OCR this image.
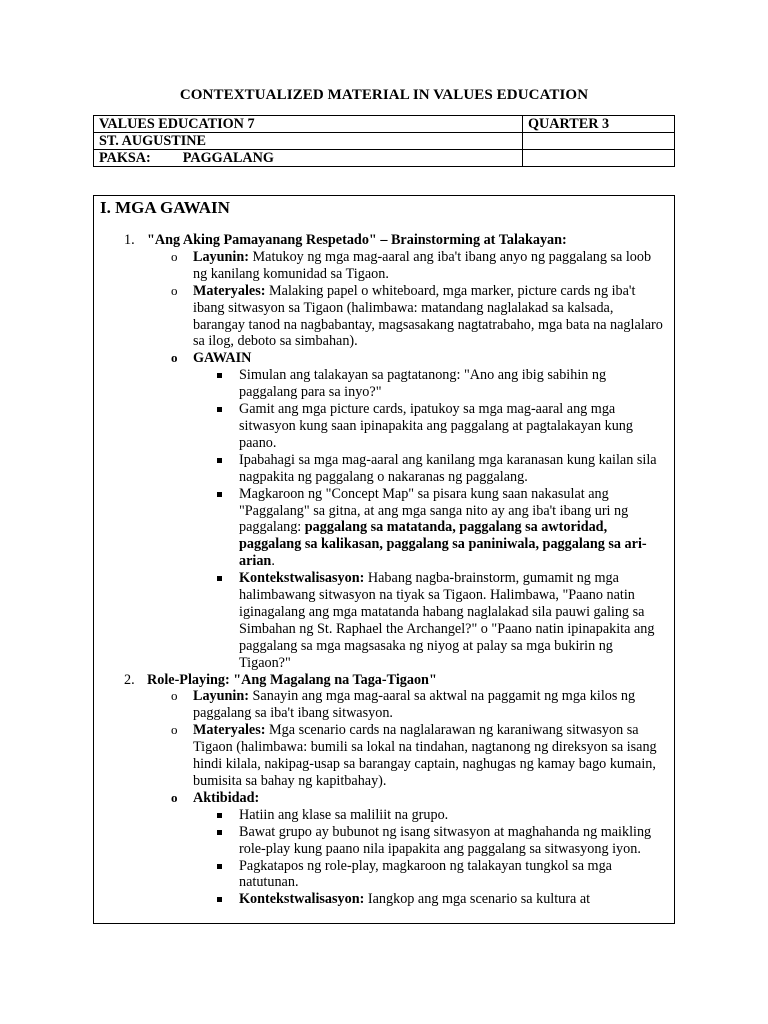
CONTEXTUALIZED MATERIAL IN VALUES EDUCATION
VALUES EDUCATION 7	QUARTER 3
ST. AUGUSTINE	
PAKSA: PAGGALANG	
I. MGA GAWAIN
1. "Ang Aking Pamayanang Respetado" – Brainstorming at Talakayan:
o Layunin: Matukoy ng mga mag-aaral ang iba't ibang anyo ng paggalang sa loob ng kanilang komunidad sa Tigaon.
o Materyales: Malaking papel o whiteboard, mga marker, picture cards ng iba't ibang sitwasyon sa Tigaon (halimbawa: matandang naglalakad sa kalsada, barangay tanod na nagbabantay, magsasakang nagtatrabaho, mga bata na naglalaro sa ilog, deboto sa simbahan).
o GAWAIN
Simulan ang talakayan sa pagtatanong: "Ano ang ibig sabihin ng paggalang para sa inyo?"
Gamit ang mga picture cards, ipatukoy sa mga mag-aaral ang mga sitwasyon kung saan ipinapakita ang paggalang at pagtalakayan kung paano.
Ipabahagi sa mga mag-aaral ang kanilang mga karanasan kung kailan sila nagpakita ng paggalang o nakaranas ng paggalang.
Magkaroon ng "Concept Map" sa pisara kung saan nakasulat ang "Paggalang" sa gitna, at ang mga sanga nito ay ang iba't ibang uri ng paggalang: paggalang sa matatanda, paggalang sa awtoridad, paggalang sa kalikasan, paggalang sa paniniwala, paggalang sa ari-arian.
Kontekstwalisasyon: Habang nagba-brainstorm, gumamit ng mga halimbawang sitwasyon na tiyak sa Tigaon. Halimbawa, "Paano natin iginagalang ang mga matatanda habang naglalakad sila pauwi galing sa Simbahan ng St. Raphael the Archangel?" o "Paano natin ipinapakita ang paggalang sa mga magsasaka ng niyog at palay sa mga bukirin ng Tigaon?"
2. Role-Playing: "Ang Magalang na Taga-Tigaon"
o Layunin: Sanayin ang mga mag-aaral sa aktwal na paggamit ng mga kilos ng paggalang sa iba't ibang sitwasyon.
o Materyales: Mga scenario cards na naglalarawan ng karaniwang sitwasyon sa Tigaon (halimbawa: bumili sa lokal na tindahan, nagtanong ng direksyon sa isang hindi kilala, nakipag-usap sa barangay captain, naghugas ng kamay bago kumain, bumisita sa bahay ng kapitbahay).
o Aktibidad:
Hatiin ang klase sa maliliit na grupo.
Bawat grupo ay bubunot ng isang sitwasyon at maghahanda ng maikling role-play kung paano nila ipapakita ang paggalang sa sitwasyong iyon.
Pagkatapos ng role-play, magkaroon ng talakayan tungkol sa mga natutunan.
Kontekstwalisasyon: Iangkop ang mga scenario sa kultura at
